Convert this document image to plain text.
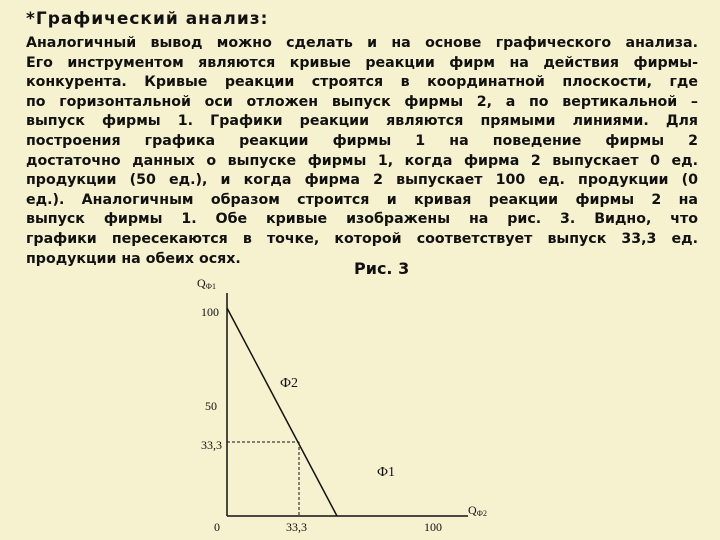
*Графический анализ:
Аналогичный вывод можно сделать и на основе графического анализа.
Его инструментом являются кривые реакции фирм на действия фирмы-
конкурента. Кривые реакции строятся в координатной плоскости, где
по горизонтальной оси отложен выпуск фирмы 2, а по вертикальной –
выпуск фирмы 1. Графики реакции являются прямыми линиями. Для
построения графика реакции фирмы 1 на поведение фирмы 2
достаточно данных о выпуске фирмы 1, когда фирма 2 выпускает 0 ед.
продукции (50 ед.), и когда фирма 2 выпускает 100 ед. продукции (0
ед.). Аналогичным образом строится и кривая реакции фирмы 2 на
выпуск фирмы 1. Обе кривые изображены на рис. 3. Видно, что
графики пересекаются в точке, которой соответствует выпуск 33,3 ед.
продукции на обеих осях.
Рис. 3
QФ1
QФ2
100
50
33,3
0	33,3	100
Ф2
Ф1
